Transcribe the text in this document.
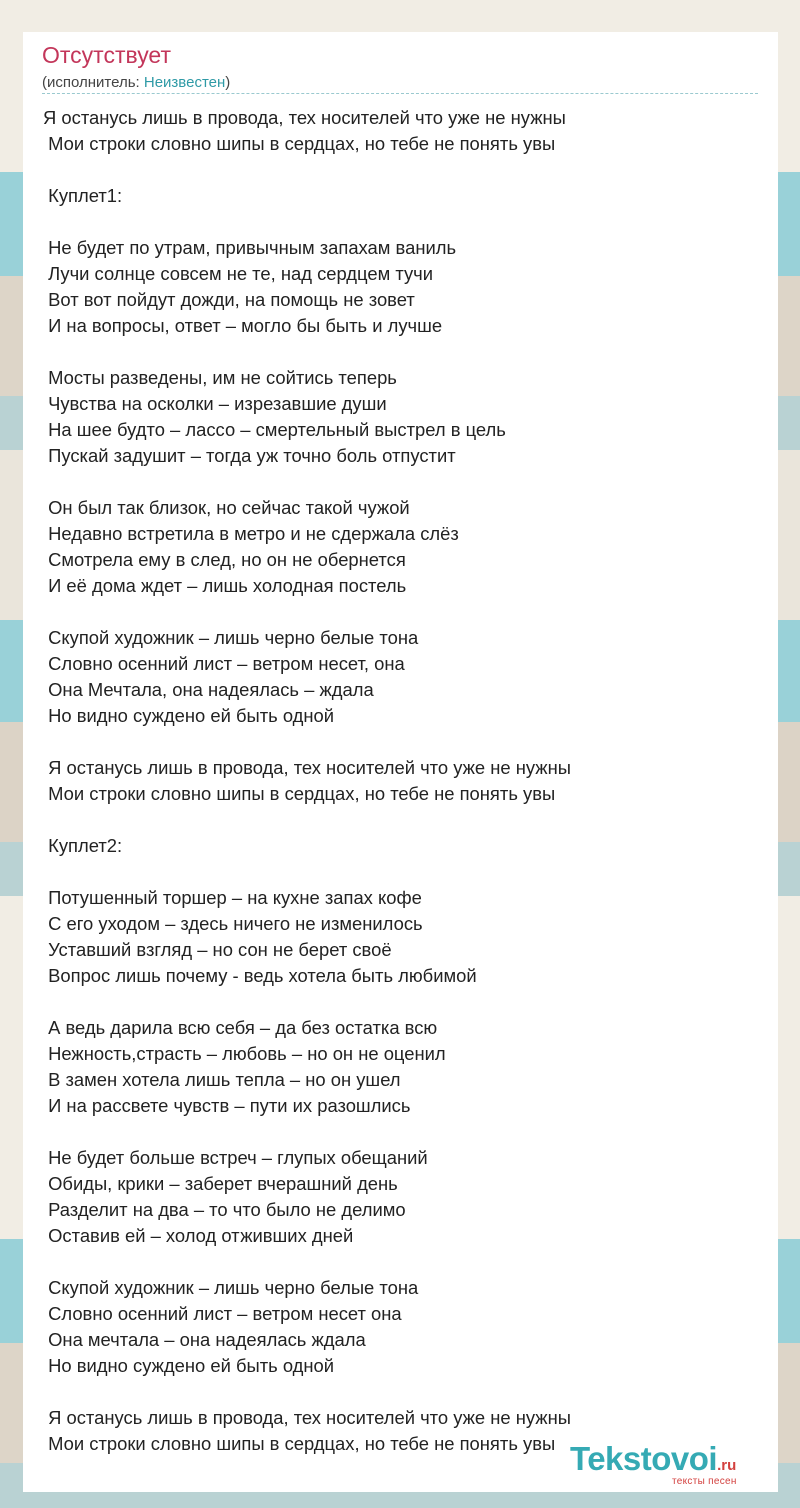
Отсутствует
(исполнитель: Неизвестен)
Я останусь лишь в провода, тех носителей что уже не нужны
Мои строки словно шипы в сердцах, но тебе не понять увы

Куплет1:

Не будет по утрам, привычным запахам ваниль
Лучи солнце совсем не те, над сердцем тучи
Вот вот пойдут дожди, на помощь не зовет
И на вопросы, ответ – могло бы быть и лучше

Мосты разведены, им не сойтись теперь
Чувства на осколки – изрезавшие души
На шее будто – лассо – смертельный выстрел в цель
Пускай задушит – тогда уж точно боль отпустит

Он был так близок, но сейчас такой чужой
Недавно встретила в метро и не сдержала слёз
Смотрела ему в след, но он не обернется
И её дома ждет – лишь холодная постель

Скупой художник – лишь черно белые тона
Словно осенний лист – ветром несет, она
Она Мечтала, она надеялась – ждала
Но видно суждено ей быть одной

Я останусь лишь в провода, тех носителей что уже не нужны
Мои строки словно шипы в сердцах, но тебе не понять увы

Куплет2:

Потушенный торшер – на кухне запах кофе
С его уходом – здесь ничего не изменилось
Уставший взгляд – но сон не берет своё
Вопрос лишь почему - ведь хотела быть любимой

А ведь дарила всю себя – да без остатка всю
Нежность,страсть – любовь – но он не оценил
В замен хотела лишь тепла – но он ушел
И на рассвете чувств – пути их разошлись

Не будет больше встреч – глупых обещаний
Обиды, крики – заберет вчерашний день
Разделит на два – то что было не делимо
Оставив ей – холод отживших дней

Скупой художник – лишь черно белые тона
Словно осенний лист – ветром несет она
Она мечтала – она надеялась ждала
Но видно суждено ей быть одной

Я останусь лишь в провода, тех носителей что уже не нужны
Мои строки словно шипы в сердцах, но тебе не понять увы Tekstovoi.ru
тексты песен
